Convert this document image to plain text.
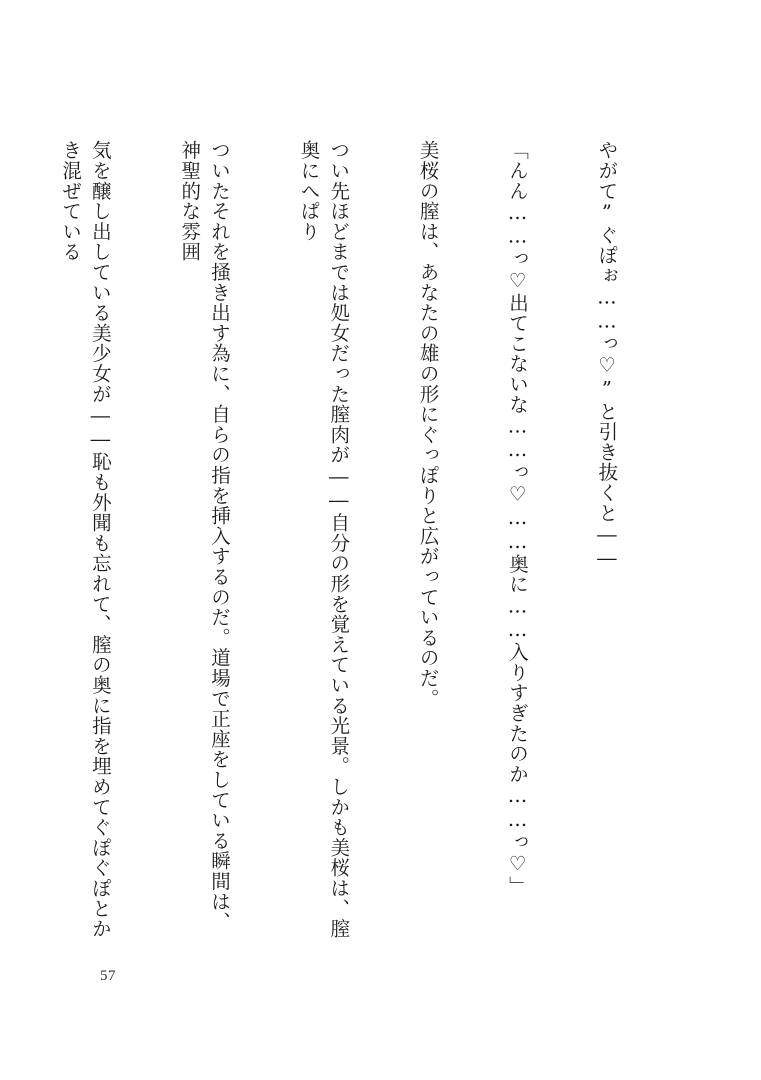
やがて”ぐぽぉ……っ♡”と引き抜くと――

「んん……っ♡出てこないな……っ♡……奥に……入りすぎたのか……っ♡」

美桜の膣は、あなたの雄の形にぐっぽりと広がっているのだ。

つい先ほどまでは処女だった膣肉が――自分の形を覚えている光景。しかも美桜は、膣奥にへぱり

ついたそれを掻き出す為に、自らの指を挿入するのだ。道場で正座をしている瞬間は、神聖的な雰囲

気を醸し出している美少女が――恥も外聞も忘れて、膣の奥に指を埋めてぐぽぐぽとかき混ぜている

57
